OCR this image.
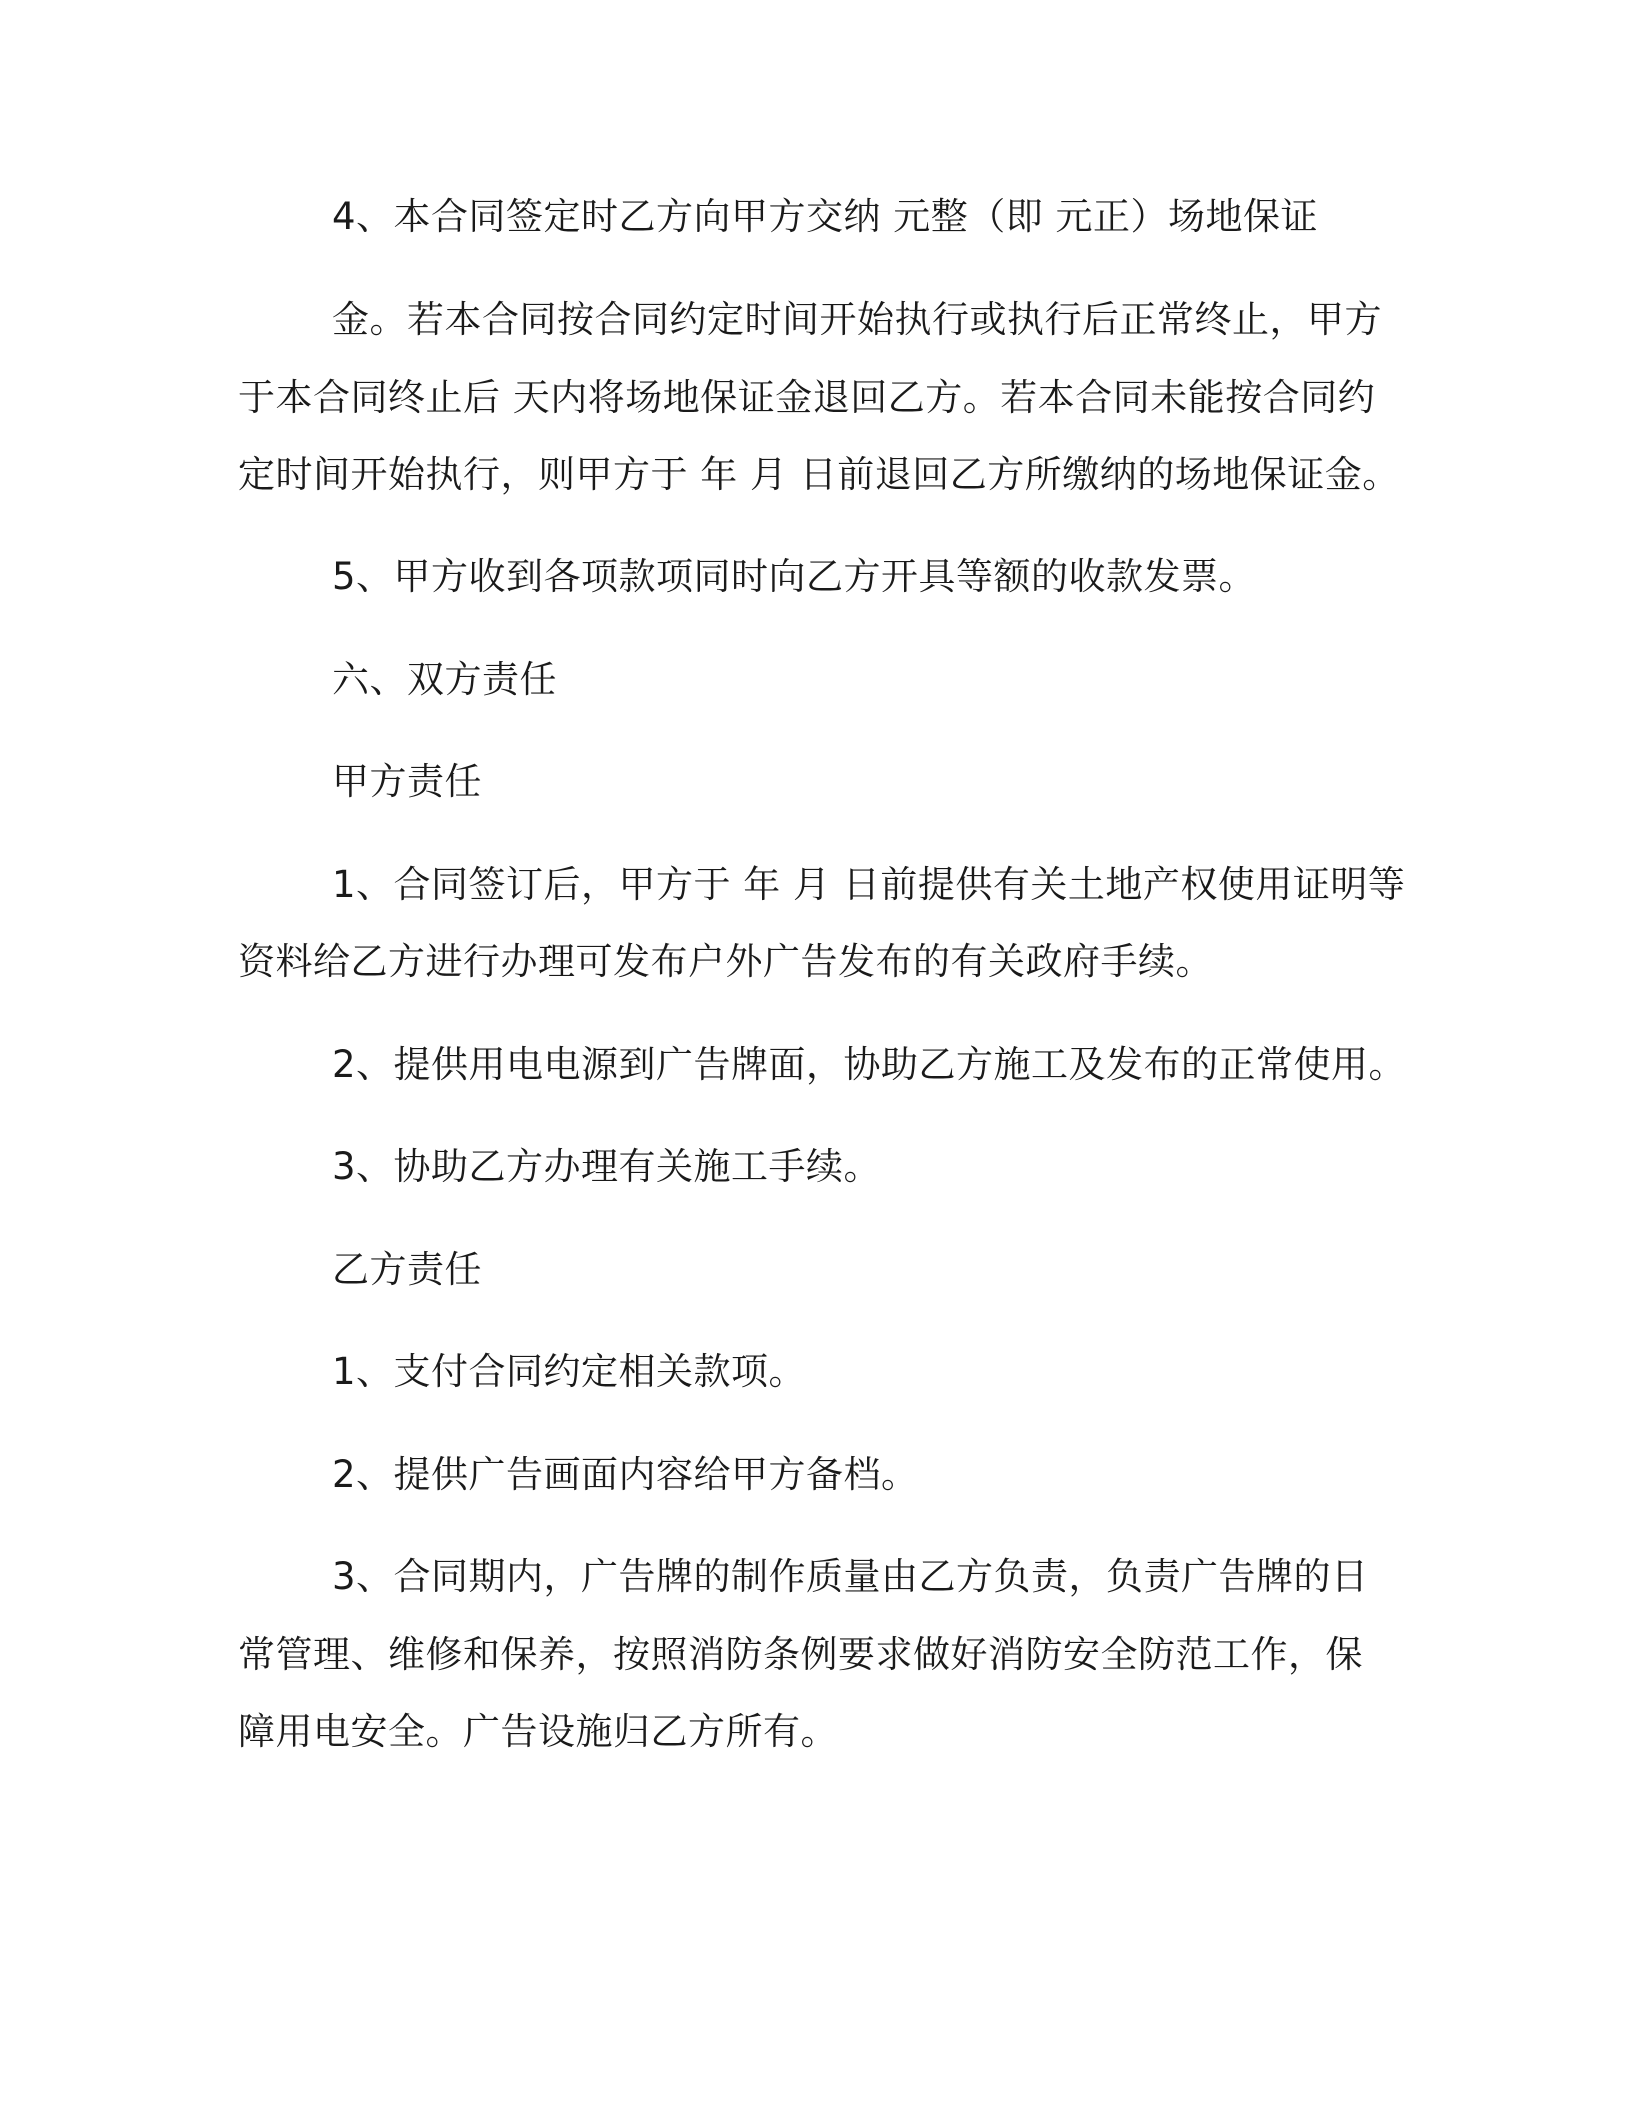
4、本合同签定时乙方向甲方交纳 元整（即 元正）场地保证

金。若本合同按合同约定时间开始执行或执行后正常终止，甲方

于本合同终止后 天内将场地保证金退回乙方。若本合同未能按合同约

定时间开始执行，则甲方于 年 月 日前退回乙方所缴纳的场地保证金。

5、甲方收到各项款项同时向乙方开具等额的收款发票。

六、双方责任

甲方责任

1、合同签订后，甲方于 年 月 日前提供有关土地产权使用证明等

资料给乙方进行办理可发布户外广告发布的有关政府手续。

2、提供用电电源到广告牌面，协助乙方施工及发布的正常使用。

3、协助乙方办理有关施工手续。

乙方责任

1、支付合同约定相关款项。

2、提供广告画面内容给甲方备档。

3、合同期内，广告牌的制作质量由乙方负责，负责广告牌的日

常管理、维修和保养，按照消防条例要求做好消防安全防范工作，保

障用电安全。广告设施归乙方所有。
